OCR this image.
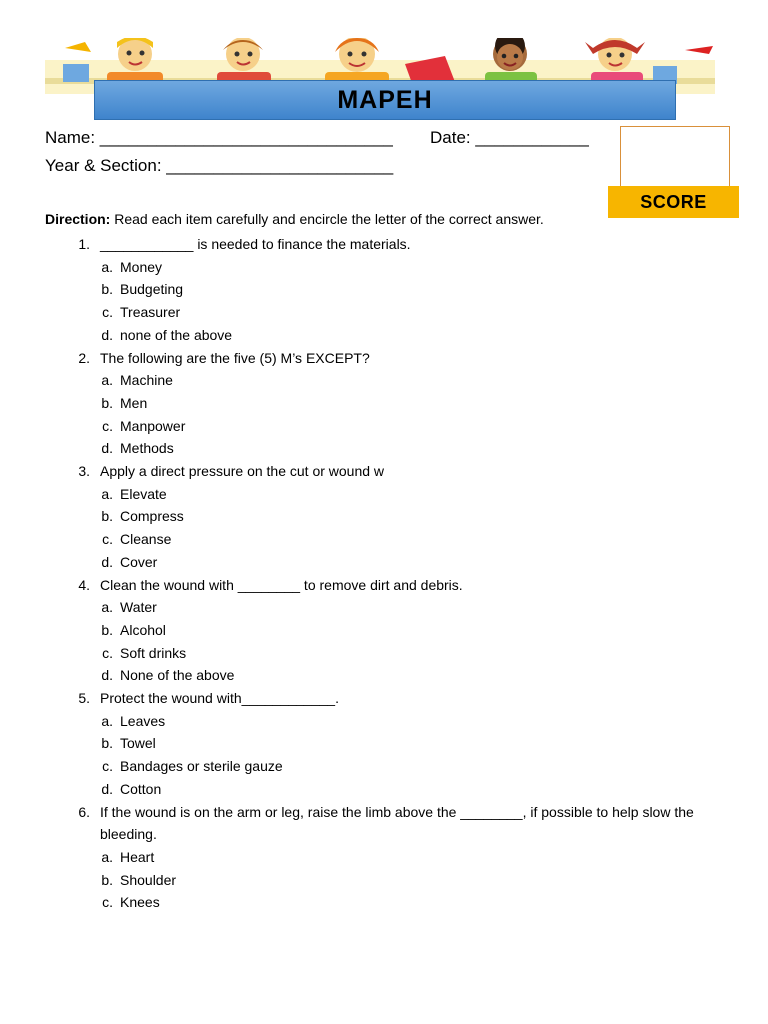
MAPEH
Name: _______________________________ Date: ____________
Year & Section: ________________________
SCORE
Direction: Read each item carefully and encircle the letter of the correct answer.
1. ____________ is needed to finance the materials.
a. Money
b. Budgeting
c. Treasurer
d. none of the above
2. The following are the five (5) M’s EXCEPT?
a. Machine
b. Men
c. Manpower
d. Methods
3. Apply a direct pressure on the cut or wound w
a. Elevate
b. Compress
c. Cleanse
d. Cover
4. Clean the wound with ________ to remove dirt and debris.
a. Water
b. Alcohol
c. Soft drinks
d. None of the above
5. Protect the wound with____________.
a. Leaves
b. Towel
c. Bandages or sterile gauze
d. Cotton
6. If the wound is on the arm or leg, raise the limb above the ________, if possible to help slow the
bleeding.
a. Heart
b. Shoulder
c. Knees
